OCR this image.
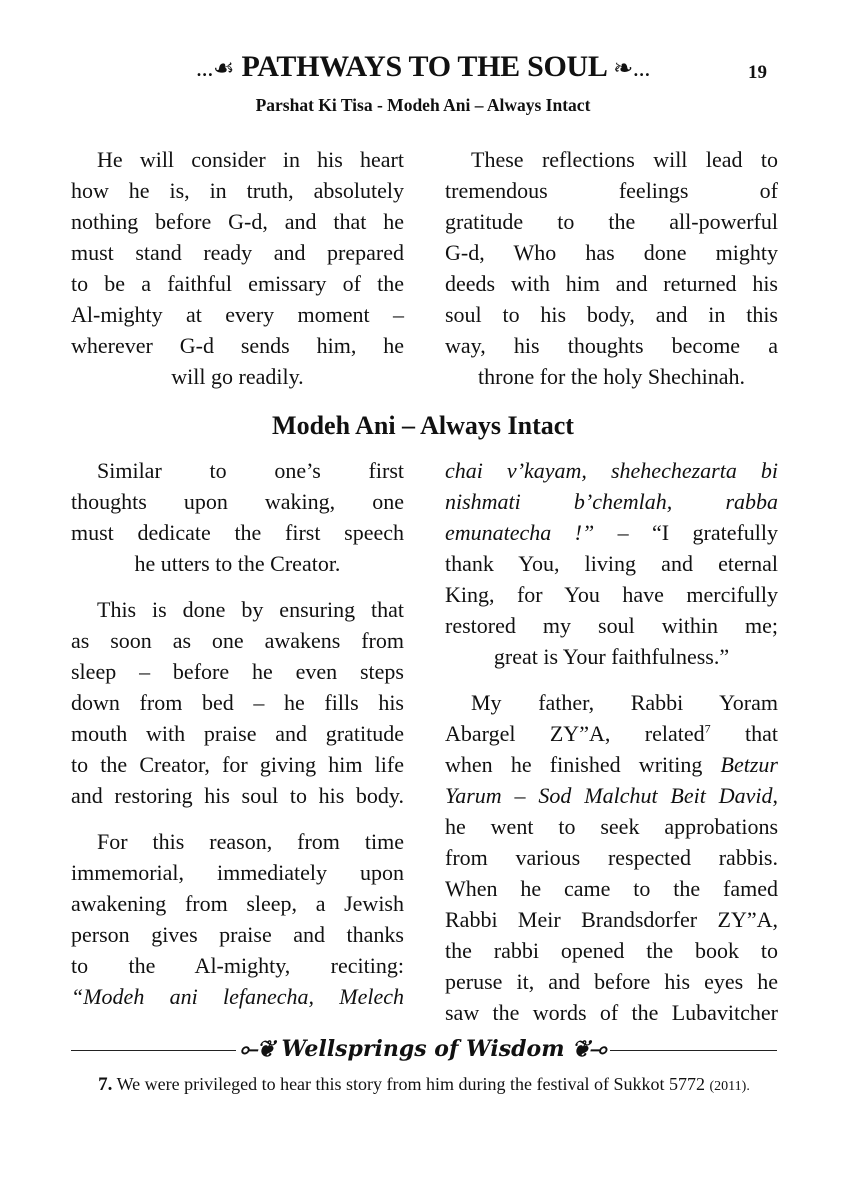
...☙ PATHWAYS TO THE SOUL ❧...	19
Parshat Ki Tisa - Modeh Ani – Always Intact
He will consider in his heart
how he is, in truth, absolutely
nothing before G-d, and that he
must stand ready and prepared
to be a faithful emissary of the
Al-mighty at every moment –
wherever G-d sends him, he
will go readily.
These reflections will lead to
tremendous feelings of
gratitude to the all-powerful
G-d, Who has done mighty
deeds with him and returned his
soul to his body, and in this
way, his thoughts become a
throne for the holy Shechinah.
Modeh Ani – Always Intact
Similar to one’s first
thoughts upon waking, one
must dedicate the first speech
he utters to the Creator.
This is done by ensuring that
as soon as one awakens from
sleep – before he even steps
down from bed – he fills his
mouth with praise and gratitude
to the Creator, for giving him life
and restoring his soul to his body.
For this reason, from time
immemorial, immediately upon
awakening from sleep, a Jewish
person gives praise and thanks
to the Al-mighty, reciting:
“Modeh ani lefanecha, Melech
chai v’kayam, shehechezarta bi
nishmati b’chemlah, rabba
emunatecha !” – “I gratefully
thank You, living and eternal
King, for You have mercifully
restored my soul within me;
great is Your faithfulness.”
My father, Rabbi Yoram
Abargel ZY”A, related$^7$ that
when he finished writing Betzur
Yarum – Sod Malchut Beit David,
he went to seek approbations
from various respected rabbis.
When he came to the famed
Rabbi Meir Brandsdorfer ZY”A,
the rabbi opened the book to
peruse it, and before his eyes he
saw the words of the Lubavitcher
⟜❦ Wellsprings of Wisdom ❦⊸
7. We were privileged to hear this story from him during the festival of Sukkot 5772 (2011).
